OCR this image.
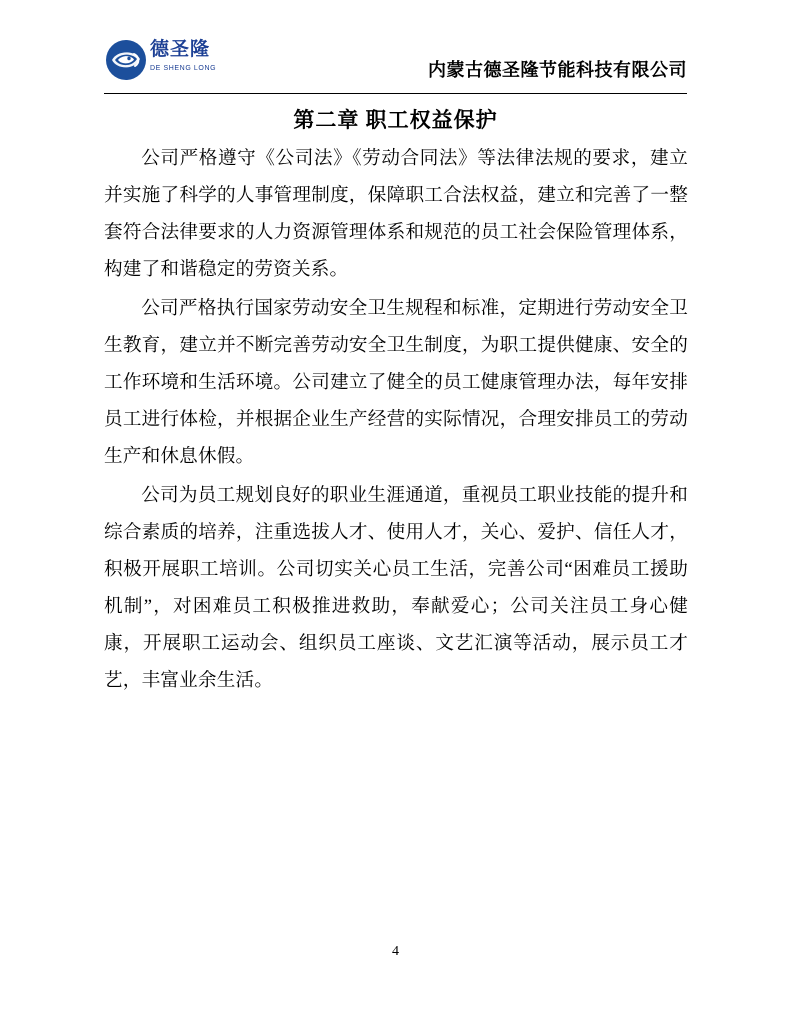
德圣隆
DE SHENG LONG	内蒙古德圣隆节能科技有限公司
第二章 职工权益保护

公司严格遵守《公司法》《劳动合同法》等法律法规的要求，建立并实施了科学的人事管理制度，保障职工合法权益，建立和完善了一整套符合法律要求的人力资源管理体系和规范的员工社会保险管理体系，构建了和谐稳定的劳资关系。

公司严格执行国家劳动安全卫生规程和标准，定期进行劳动安全卫生教育，建立并不断完善劳动安全卫生制度，为职工提供健康、安全的工作环境和生活环境。公司建立了健全的员工健康管理办法，每年安排员工进行体检，并根据企业生产经营的实际情况，合理安排员工的劳动生产和休息休假。

公司为员工规划良好的职业生涯通道，重视员工职业技能的提升和综合素质的培养，注重选拔人才、使用人才，关心、爱护、信任人才，积极开展职工培训。公司切实关心员工生活，完善公司“困难员工援助机制”，对困难员工积极推进救助，奉献爱心；公司关注员工身心健康，开展职工运动会、组织员工座谈、文艺汇演等活动，展示员工才艺，丰富业余生活。

4
